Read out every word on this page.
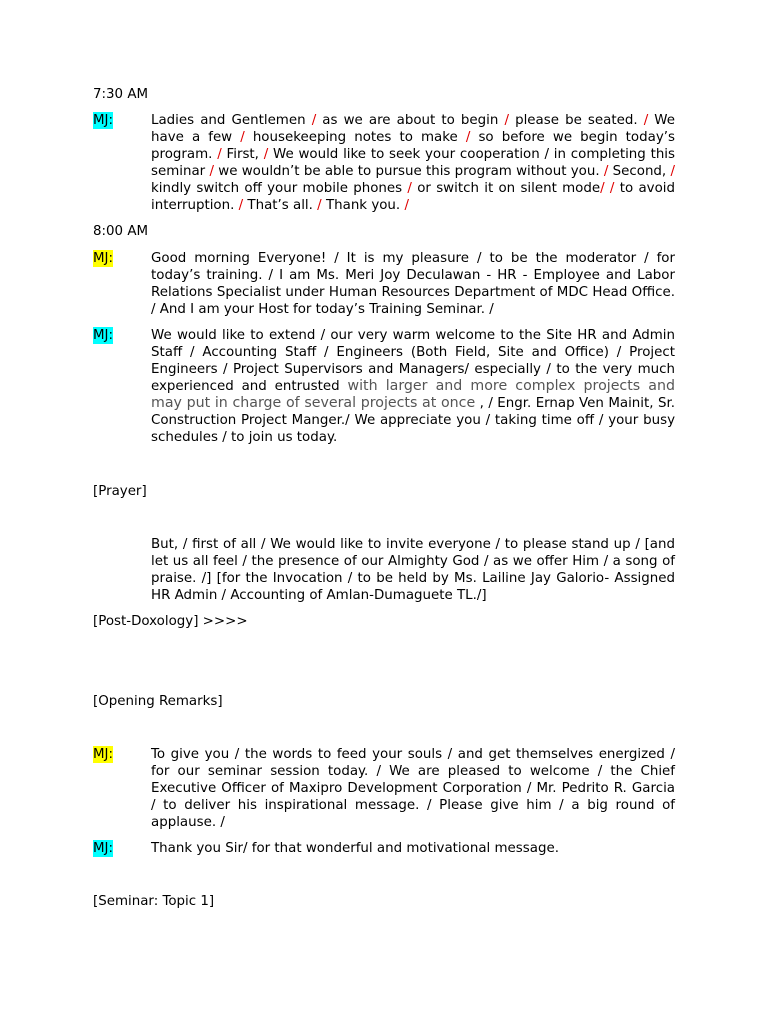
7:30 AM
MJ:	Ladies and Gentlemen / as we are about to begin / please be seated. / We have a few / housekeeping notes to make / so before we begin today’s program. / First, / We would like to seek your cooperation / in completing this seminar / we wouldn’t be able to pursue this program without you. / Second, / kindly switch off your mobile phones / or switch it on silent mode/ / to avoid interruption. / That’s all. / Thank you. /
8:00 AM
MJ:	Good morning Everyone! / It is my pleasure / to be the moderator / for today’s training. / I am Ms. Meri Joy Deculawan - HR - Employee and Labor Relations Specialist under Human Resources Department of MDC Head Office. / And I am your Host for today’s Training Seminar. /
MJ:	We would like to extend / our very warm welcome to the Site HR and Admin Staff / Accounting Staff / Engineers (Both Field, Site and Office) / Project Engineers / Project Supervisors and Managers/ especially / to the very much experienced and entrusted with larger and more complex projects and may put in charge of several projects at once , / Engr. Ernap Ven Mainit, Sr. Construction Project Manger./ We appreciate you / taking time off / your busy schedules / to join us today.
[Prayer]
But, / first of all / We would like to invite everyone / to please stand up / [and let us all feel / the presence of our Almighty God / as we offer Him / a song of praise. /] [for the Invocation / to be held by Ms. Lailine Jay Galorio- Assigned HR Admin / Accounting of Amlan-Dumaguete TL./]
[Post-Doxology] >>>>
[Opening Remarks]
MJ:	To give you / the words to feed your souls / and get themselves energized / for our seminar session today. / We are pleased to welcome / the Chief Executive Officer of Maxipro Development Corporation / Mr. Pedrito R. Garcia / to deliver his inspirational message. / Please give him / a big round of applause. /
MJ:	Thank you Sir/ for that wonderful and motivational message.
[Seminar: Topic 1]
